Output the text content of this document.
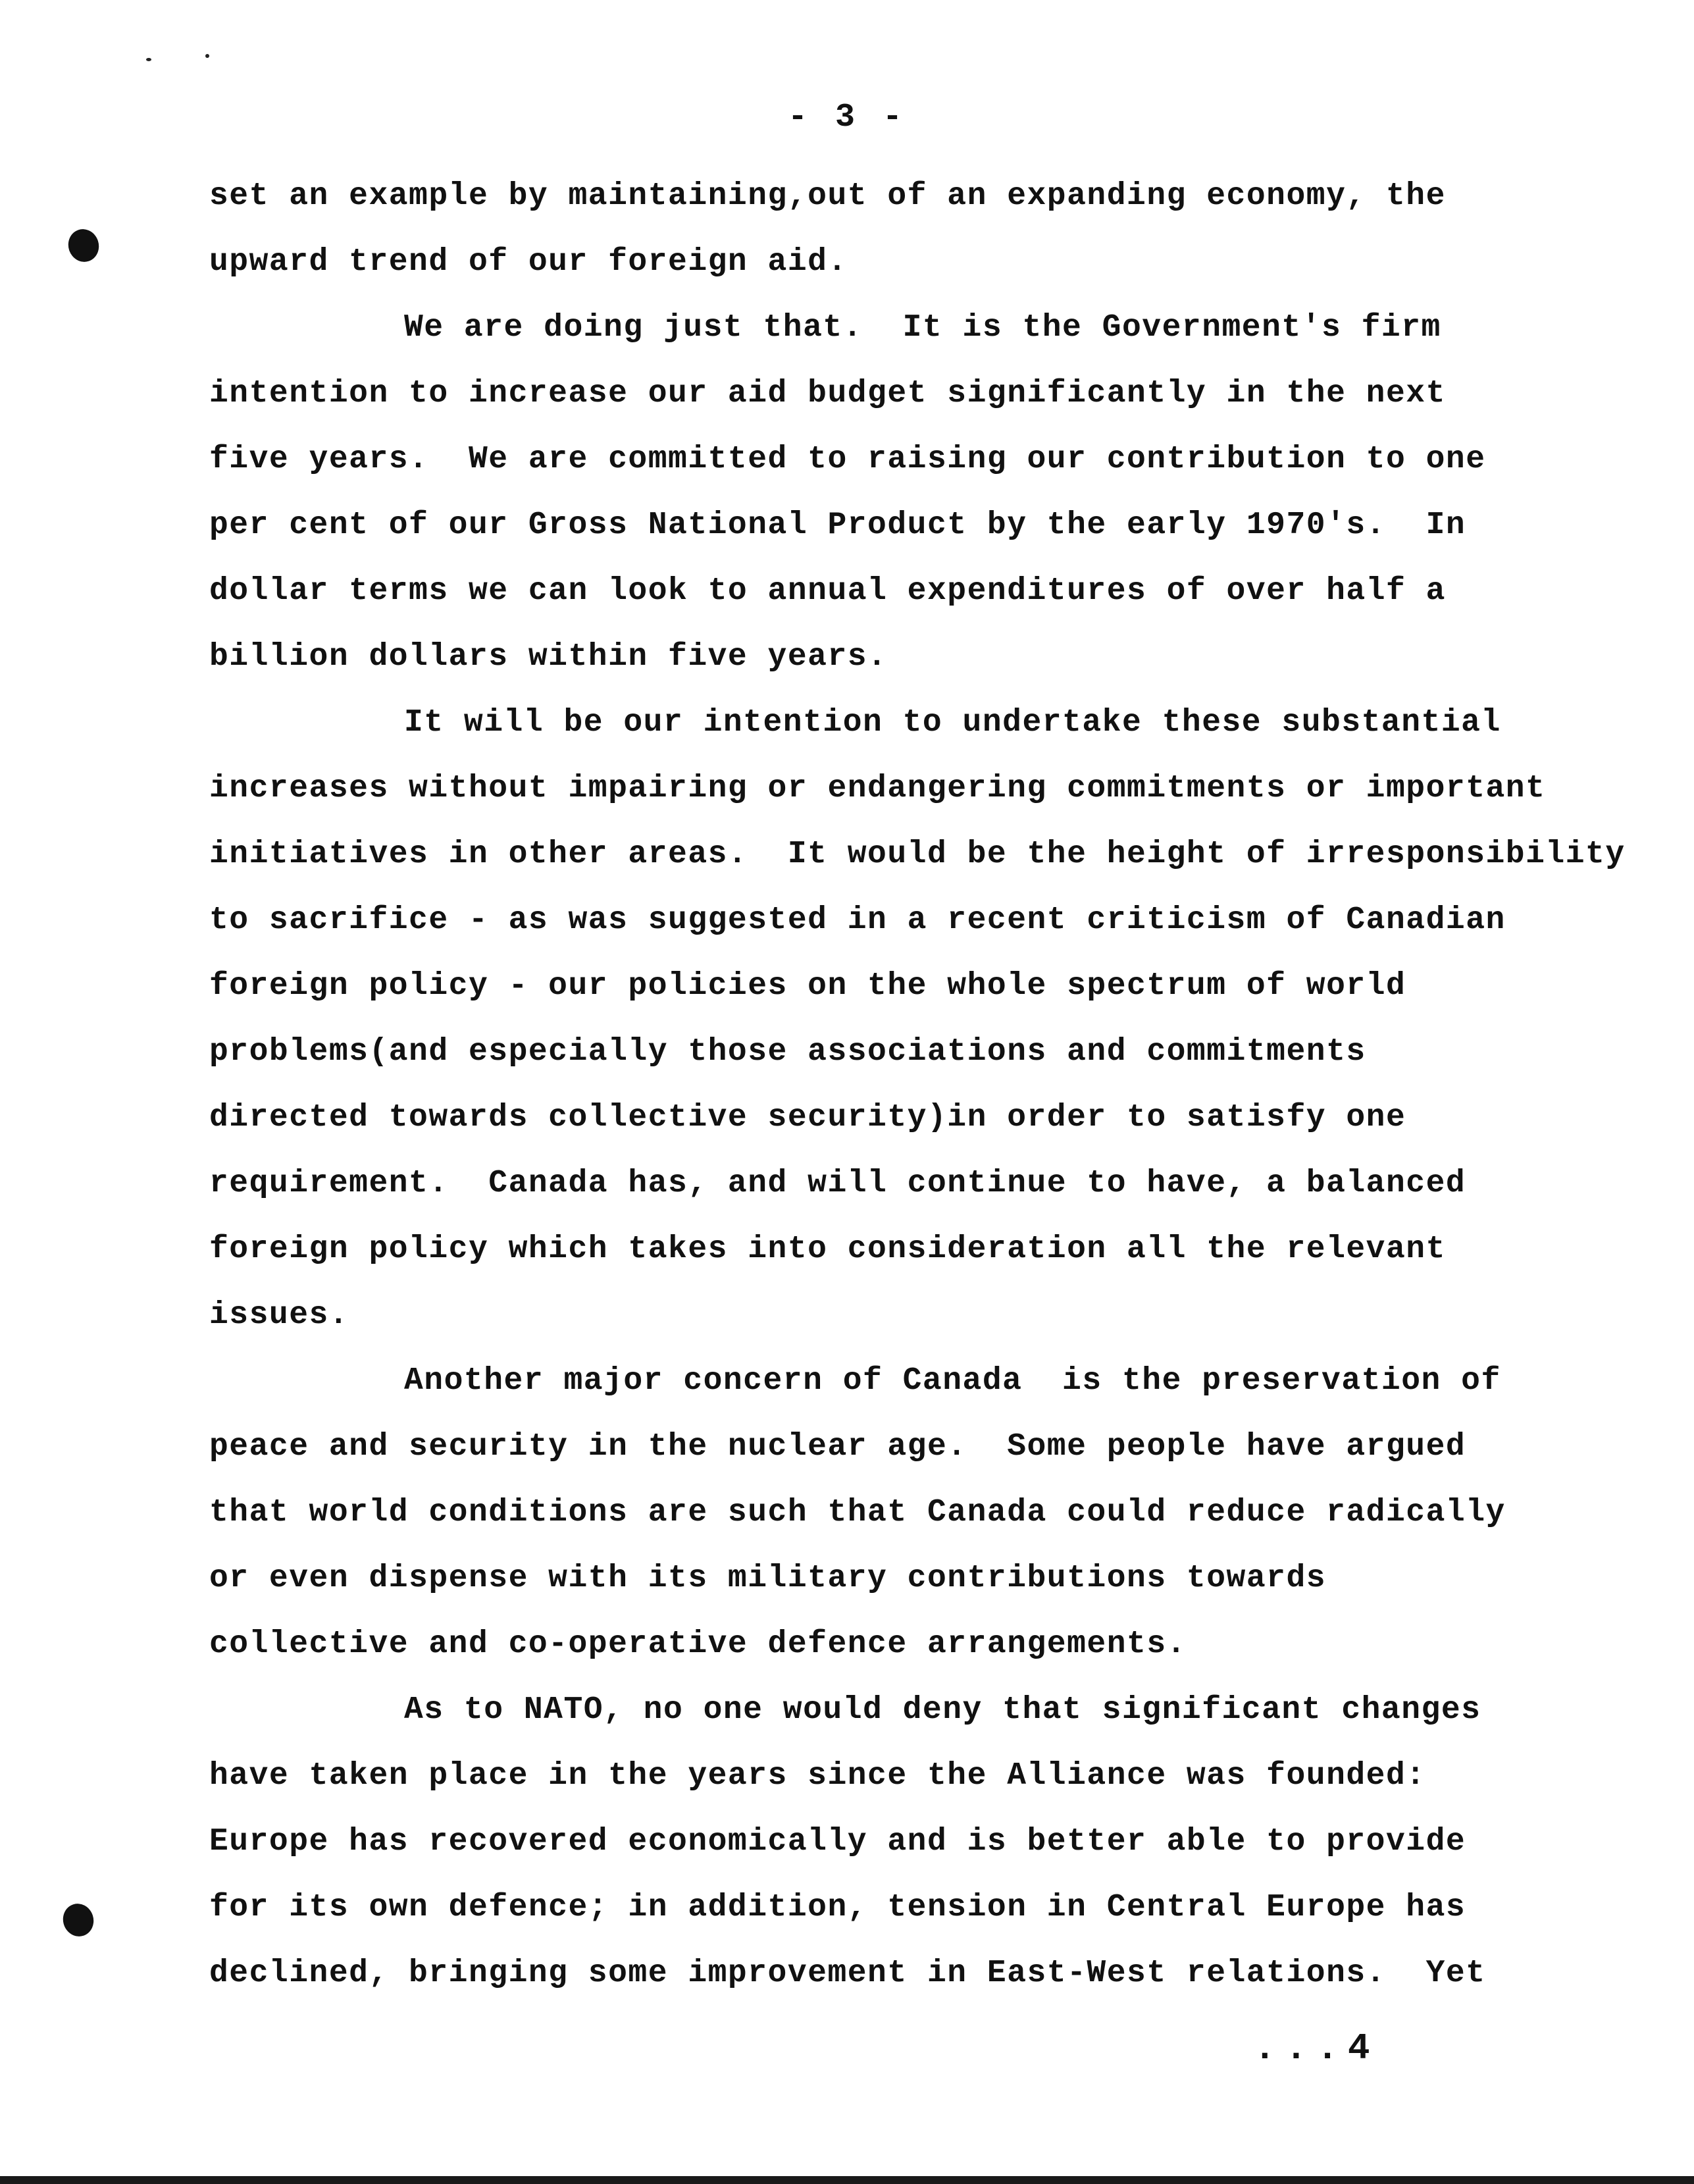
- 3 -
set an example by maintaining,out of an expanding economy, the
upward trend of our foreign aid.
We are doing just that.  It is the Government's firm
intention to increase our aid budget significantly in the next
five years.  We are committed to raising our contribution to one
per cent of our Gross National Product by the early 1970's.  In
dollar terms we can look to annual expenditures of over half a
billion dollars within five years.
It will be our intention to undertake these substantial
increases without impairing or endangering commitments or important
initiatives in other areas.  It would be the height of irresponsibility
to sacrifice - as was suggested in a recent criticism of Canadian
foreign policy - our policies on the whole spectrum of world
problems(and especially those associations and commitments
directed towards collective security)in order to satisfy one
requirement.  Canada has, and will continue to have, a balanced
foreign policy which takes into consideration all the relevant
issues.
Another major concern of Canada  is the preservation of
peace and security in the nuclear age.  Some people have argued
that world conditions are such that Canada could reduce radically
or even dispense with its military contributions towards
collective and co-operative defence arrangements.
As to NATO, no one would deny that significant changes
have taken place in the years since the Alliance was founded:
Europe has recovered economically and is better able to provide
for its own defence; in addition, tension in Central Europe has
declined, bringing some improvement in East-West relations.  Yet
...4
